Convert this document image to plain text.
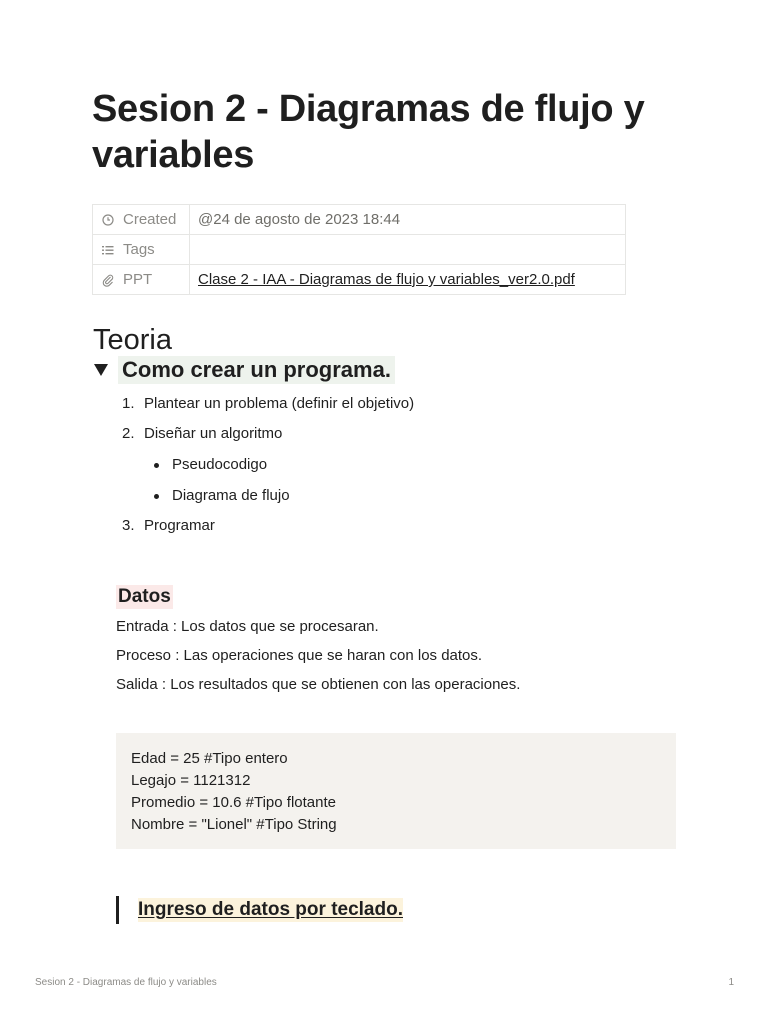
Sesion 2 - Diagramas de flujo y variables
Created	@24 de agosto de 2023 18:44

Tags	

PPT	Clase 2 - IAA - Diagramas de flujo y variables_ver2.0.pdf
Teoria
Como crear un programa.
1. Plantear un problema (definir el objetivo)
2. Diseñar un algoritmo
Pseudocodigo
Diagrama de flujo
3. Programar
Datos
Entrada : Los datos que se procesaran.
Proceso : Las operaciones que se haran con los datos.
Salida : Los resultados que se obtienen con las operaciones.
Edad = 25 #Tipo entero
Legajo = 1121312
Promedio = 10.6 #Tipo flotante
Nombre = "Lionel" #Tipo String
Ingreso de datos por teclado.
Sesion 2 - Diagramas de flujo y variables	1
